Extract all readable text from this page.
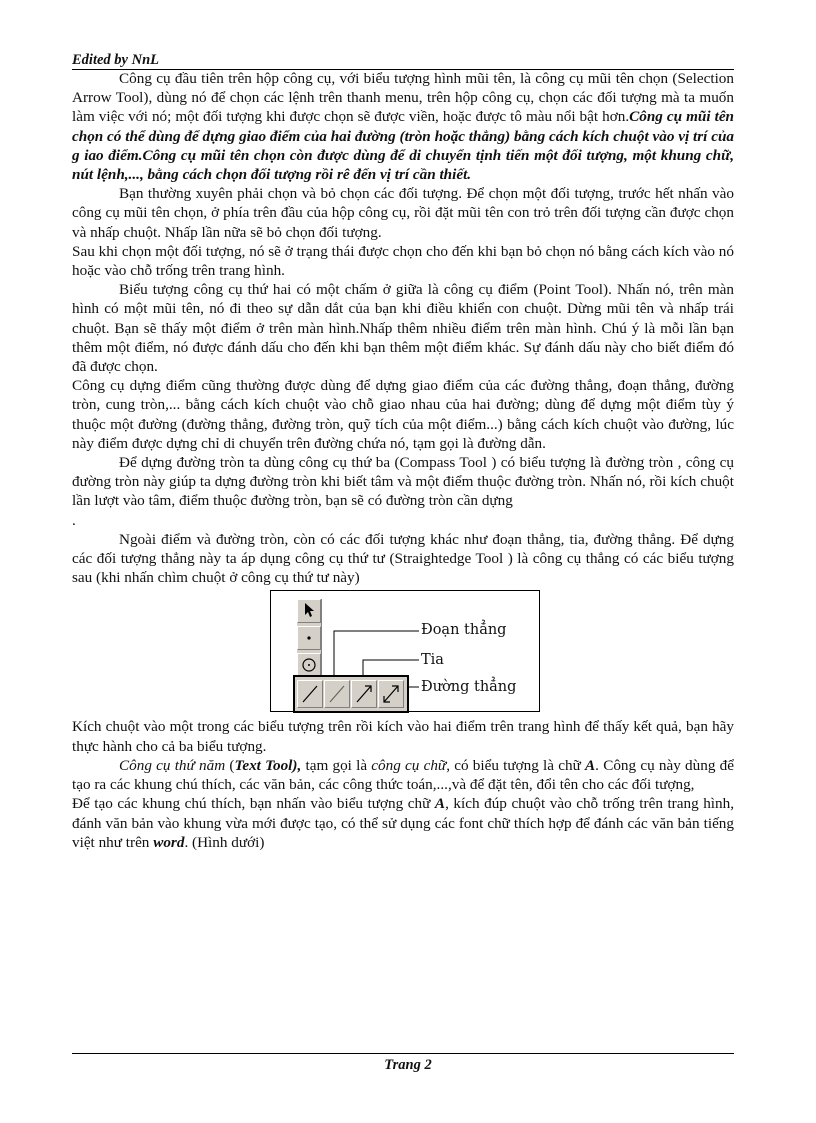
Edited by NnL

Công cụ đầu tiên trên hộp công cụ, với biểu tượng hình mũi tên, là công cụ mũi tên chọn (Selection Arrow Tool), dùng nó để chọn các lệnh trên thanh menu, trên hộp công cụ, chọn các đối tượng mà ta muốn làm việc với nó; một đối tượng khi được chọn sẽ được viền, hoặc được tô màu nổi bật hơn.Công cụ mũi tên chọn có thể dùng để dựng giao điểm của hai đường (tròn hoặc thẳng) bằng cách kích chuột vào vị trí của g iao điểm.Công cụ mũi tên chọn còn được dùng để di chuyển tịnh tiến một đối tượng, một khung chữ, nút lệnh,..., bằng cách chọn đối tượng rồi rê đến vị trí cần thiết.

Bạn thường xuyên phải chọn và bỏ chọn các đối tượng. Để chọn một đối tượng, trước hết nhấn vào công cụ mũi tên chọn, ở phía trên đầu của hộp công cụ, rồi đặt mũi tên con trỏ trên đối tượng cần được chọn và nhấp chuột. Nhấp lần nữa sẽ bỏ chọn đối tượng.

Sau khi chọn một đối tượng, nó sẽ ở trạng thái được chọn cho đến khi bạn bỏ chọn nó bằng cách kích vào nó hoặc vào chỗ trống trên trang hình.

Biểu tượng công cụ thứ hai có một chấm ở giữa là công cụ điểm (Point Tool). Nhấn nó, trên màn hình có một mũi tên, nó đi theo sự dẫn dắt của bạn khi điều khiển con chuột. Dừng mũi tên và nhấp trái chuột. Bạn sẽ thấy một điểm ở trên màn hình.Nhấp thêm nhiều điểm trên màn hình. Chú ý là mỗi lần bạn thêm một điểm, nó được đánh dấu cho đến khi bạn thêm một điểm khác. Sự đánh dấu này cho biết điểm đó đã được chọn.

Công cụ dựng điểm cũng thường được dùng để dựng giao điểm của các đường thẳng, đoạn thẳng, đường tròn, cung tròn,... bằng cách kích chuột vào chỗ giao nhau của hai đường; dùng để dựng một điểm tùy ý thuộc một đường (đường thẳng, đường tròn, quỹ tích của một điểm...) bằng cách kích chuột vào đường, lúc này điểm được dựng chỉ di chuyển trên đường chứa nó, tạm gọi là đường dẫn.

Để dựng đường tròn ta dùng công cụ thứ ba (Compass Tool ) có biểu tượng là đường tròn , công cụ đường tròn này giúp ta dựng đường tròn khi biết tâm và một điểm thuộc đường tròn. Nhấn nó, rồi kích chuột lần lượt vào tâm, điểm thuộc đường tròn, bạn sẽ có đường tròn cần dựng

.

Ngoài điểm và đường tròn, còn có các đối tượng khác như đoạn thẳng, tia, đường thẳng. Để dựng các đối tượng thẳng này ta áp dụng công cụ thứ tư (Straightedge Tool ) là công cụ thẳng có các biểu tượng sau (khi nhấn chìm chuột ở công cụ thứ tư này)

Đoạn thẳng
Tia
Đường thẳng

Kích chuột vào một trong các biểu tượng trên rồi kích vào hai điểm trên trang hình để thấy kết quả, bạn hãy thực hành cho cả ba biểu tượng.

Công cụ thứ năm (Text Tool), tạm gọi là công cụ chữ, có biểu tượng là chữ A. Công cụ này dùng để tạo ra các khung chú thích, các văn bản, các công thức toán,...,và để đặt tên, đổi tên cho các đối tượng,

Để tạo các khung chú thích, bạn nhấn vào biểu tượng chữ A, kích đúp chuột vào chỗ trống trên trang hình, đánh văn bản vào khung vừa mới được tạo, có thể sử dụng các font chữ thích hợp để đánh các văn bản tiếng việt như trên word. (Hình dưới)

Trang 2
